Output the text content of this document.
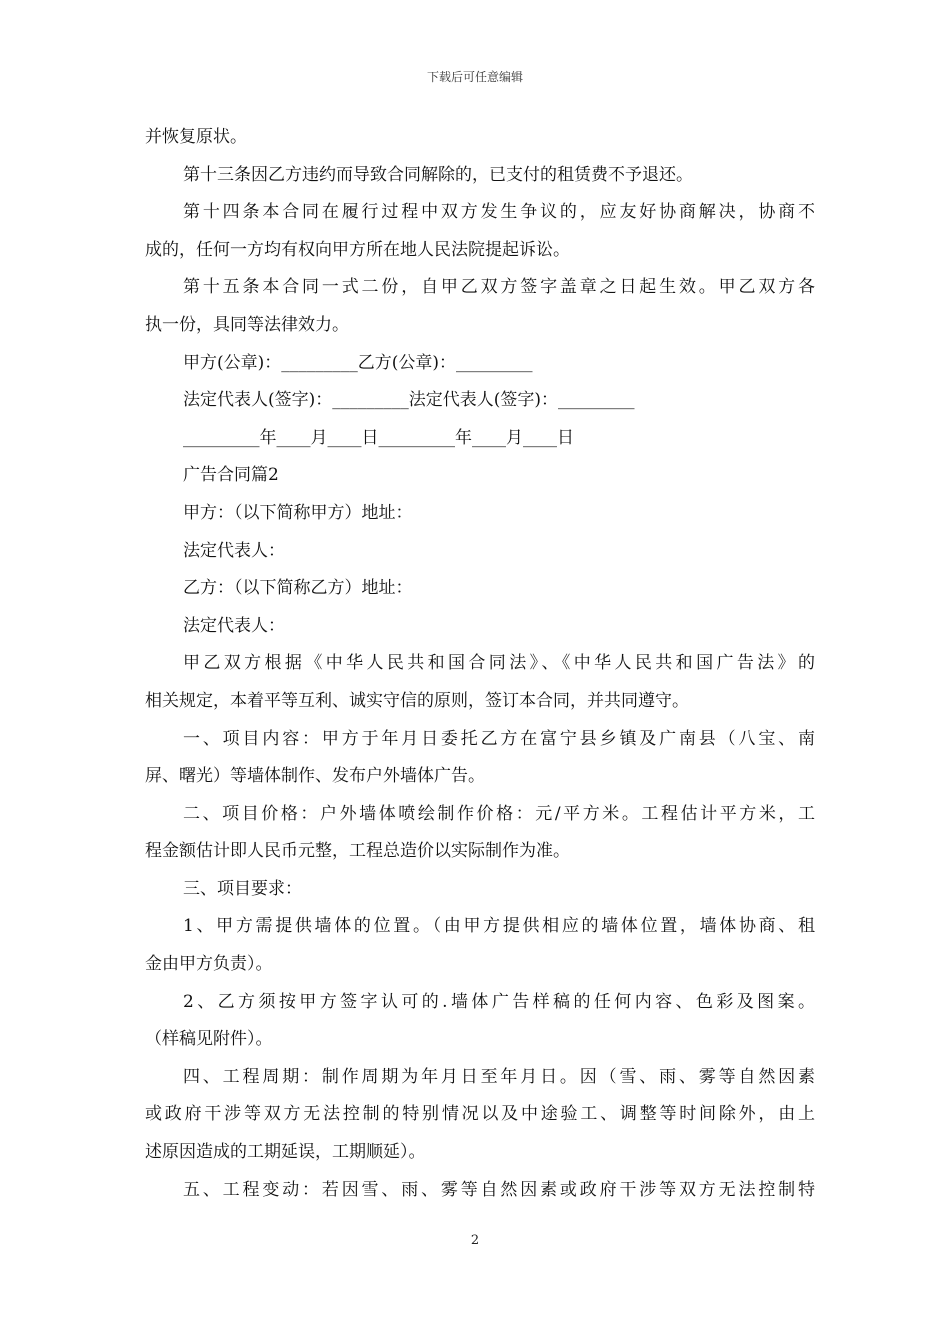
下载后可任意编辑
并恢复原状。
第十三条因乙方违约而导致合同解除的，已支付的租赁费不予退还。
第十四条本合同在履行过程中双方发生争议的，应友好协商解决，协商不
成的，任何一方均有权向甲方所在地人民法院提起诉讼。
第十五条本合同一式二份，自甲乙双方签字盖章之日起生效。甲乙双方各
执一份，具同等法律效力。
甲方(公章)：_________乙方(公章)：_________
法定代表人(签字)：_________法定代表人(签字)：_________
_________年____月____日_________年____月____日
广告合同篇2
甲方：（以下简称甲方）地址：
法定代表人：
乙方：（以下简称乙方）地址：
法定代表人：
甲乙双方根据《中华人民共和国合同法》、《中华人民共和国广告法》的
相关规定，本着平等互利、诚实守信的原则，签订本合同，并共同遵守。
一、项目内容：甲方于年月日委托乙方在富宁县乡镇及广南县（八宝、南
屏、曙光）等墙体制作、发布户外墙体广告。
二、项目价格：户外墙体喷绘制作价格：元/平方米。工程估计平方米，工
程金额估计即人民币元整，工程总造价以实际制作为准。
三、项目要求：
1、甲方需提供墙体的位置。（由甲方提供相应的墙体位置，墙体协商、租
金由甲方负责）。
2、乙方须按甲方签字认可的.墙体广告样稿的任何内容、色彩及图案。
（样稿见附件）。
四、工程周期：制作周期为年月日至年月日。因（雪、雨、雾等自然因素
或政府干涉等双方无法控制的特别情况以及中途验工、调整等时间除外，由上
述原因造成的工期延误，工期顺延）。
五、工程变动：若因雪、雨、雾等自然因素或政府干涉等双方无法控制特
2
